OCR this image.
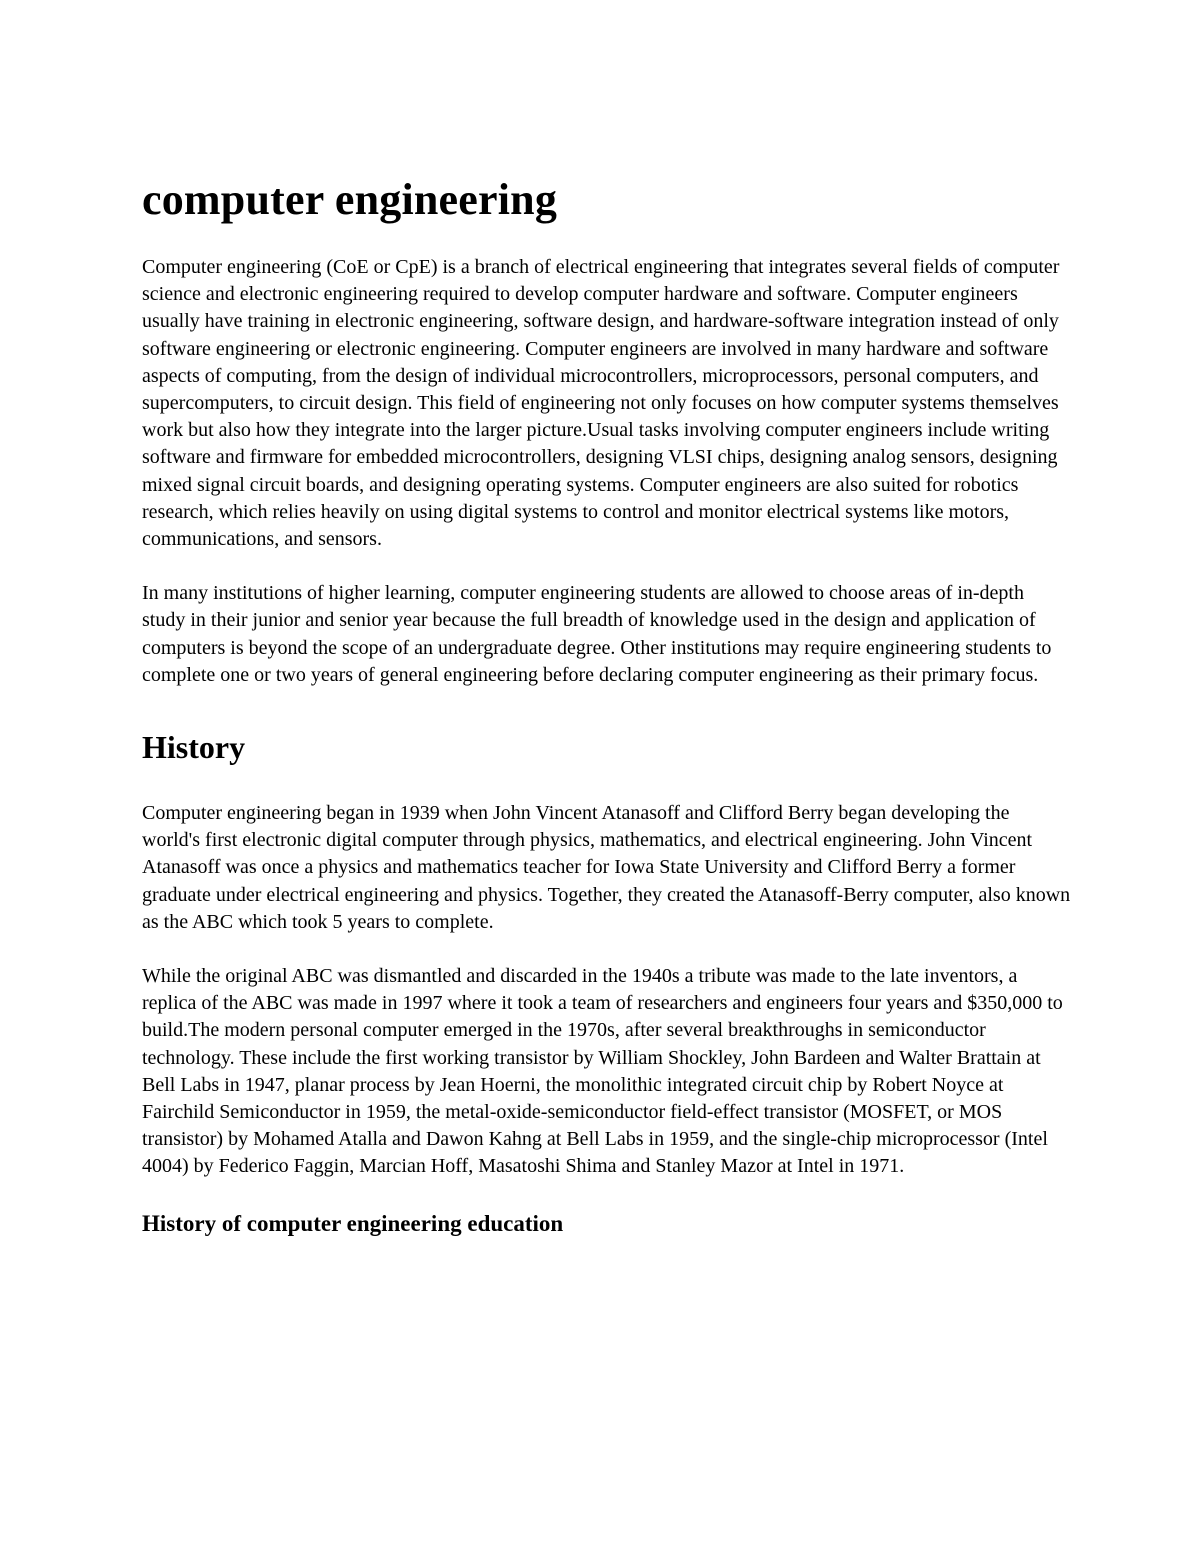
computer engineering

Computer engineering (CoE or CpE) is a branch of electrical engineering that integrates several fields of computer science and electronic engineering required to develop computer hardware and software. Computer engineers usually have training in electronic engineering, software design, and hardware-software integration instead of only software engineering or electronic engineering. Computer engineers are involved in many hardware and software aspects of computing, from the design of individual microcontrollers, microprocessors, personal computers, and supercomputers, to circuit design. This field of engineering not only focuses on how computer systems themselves work but also how they integrate into the larger picture.Usual tasks involving computer engineers include writing software and firmware for embedded microcontrollers, designing VLSI chips, designing analog sensors, designing mixed signal circuit boards, and designing operating systems. Computer engineers are also suited for robotics research, which relies heavily on using digital systems to control and monitor electrical systems like motors, communications, and sensors.

In many institutions of higher learning, computer engineering students are allowed to choose areas of in-depth study in their junior and senior year because the full breadth of knowledge used in the design and application of computers is beyond the scope of an undergraduate degree. Other institutions may require engineering students to complete one or two years of general engineering before declaring computer engineering as their primary focus.

History

Computer engineering began in 1939 when John Vincent Atanasoff and Clifford Berry began developing the world's first electronic digital computer through physics, mathematics, and electrical engineering. John Vincent Atanasoff was once a physics and mathematics teacher for Iowa State University and Clifford Berry a former graduate under electrical engineering and physics. Together, they created the Atanasoff-Berry computer, also known as the ABC which took 5 years to complete.

While the original ABC was dismantled and discarded in the 1940s a tribute was made to the late inventors, a replica of the ABC was made in 1997 where it took a team of researchers and engineers four years and $350,000 to build.The modern personal computer emerged in the 1970s, after several breakthroughs in semiconductor technology. These include the first working transistor by William Shockley, John Bardeen and Walter Brattain at Bell Labs in 1947, planar process by Jean Hoerni, the monolithic integrated circuit chip by Robert Noyce at Fairchild Semiconductor in 1959, the metal-oxide-semiconductor field-effect transistor (MOSFET, or MOS transistor) by Mohamed Atalla and Dawon Kahng at Bell Labs in 1959, and the single-chip microprocessor (Intel 4004) by Federico Faggin, Marcian Hoff, Masatoshi Shima and Stanley Mazor at Intel in 1971.

History of computer engineering education
